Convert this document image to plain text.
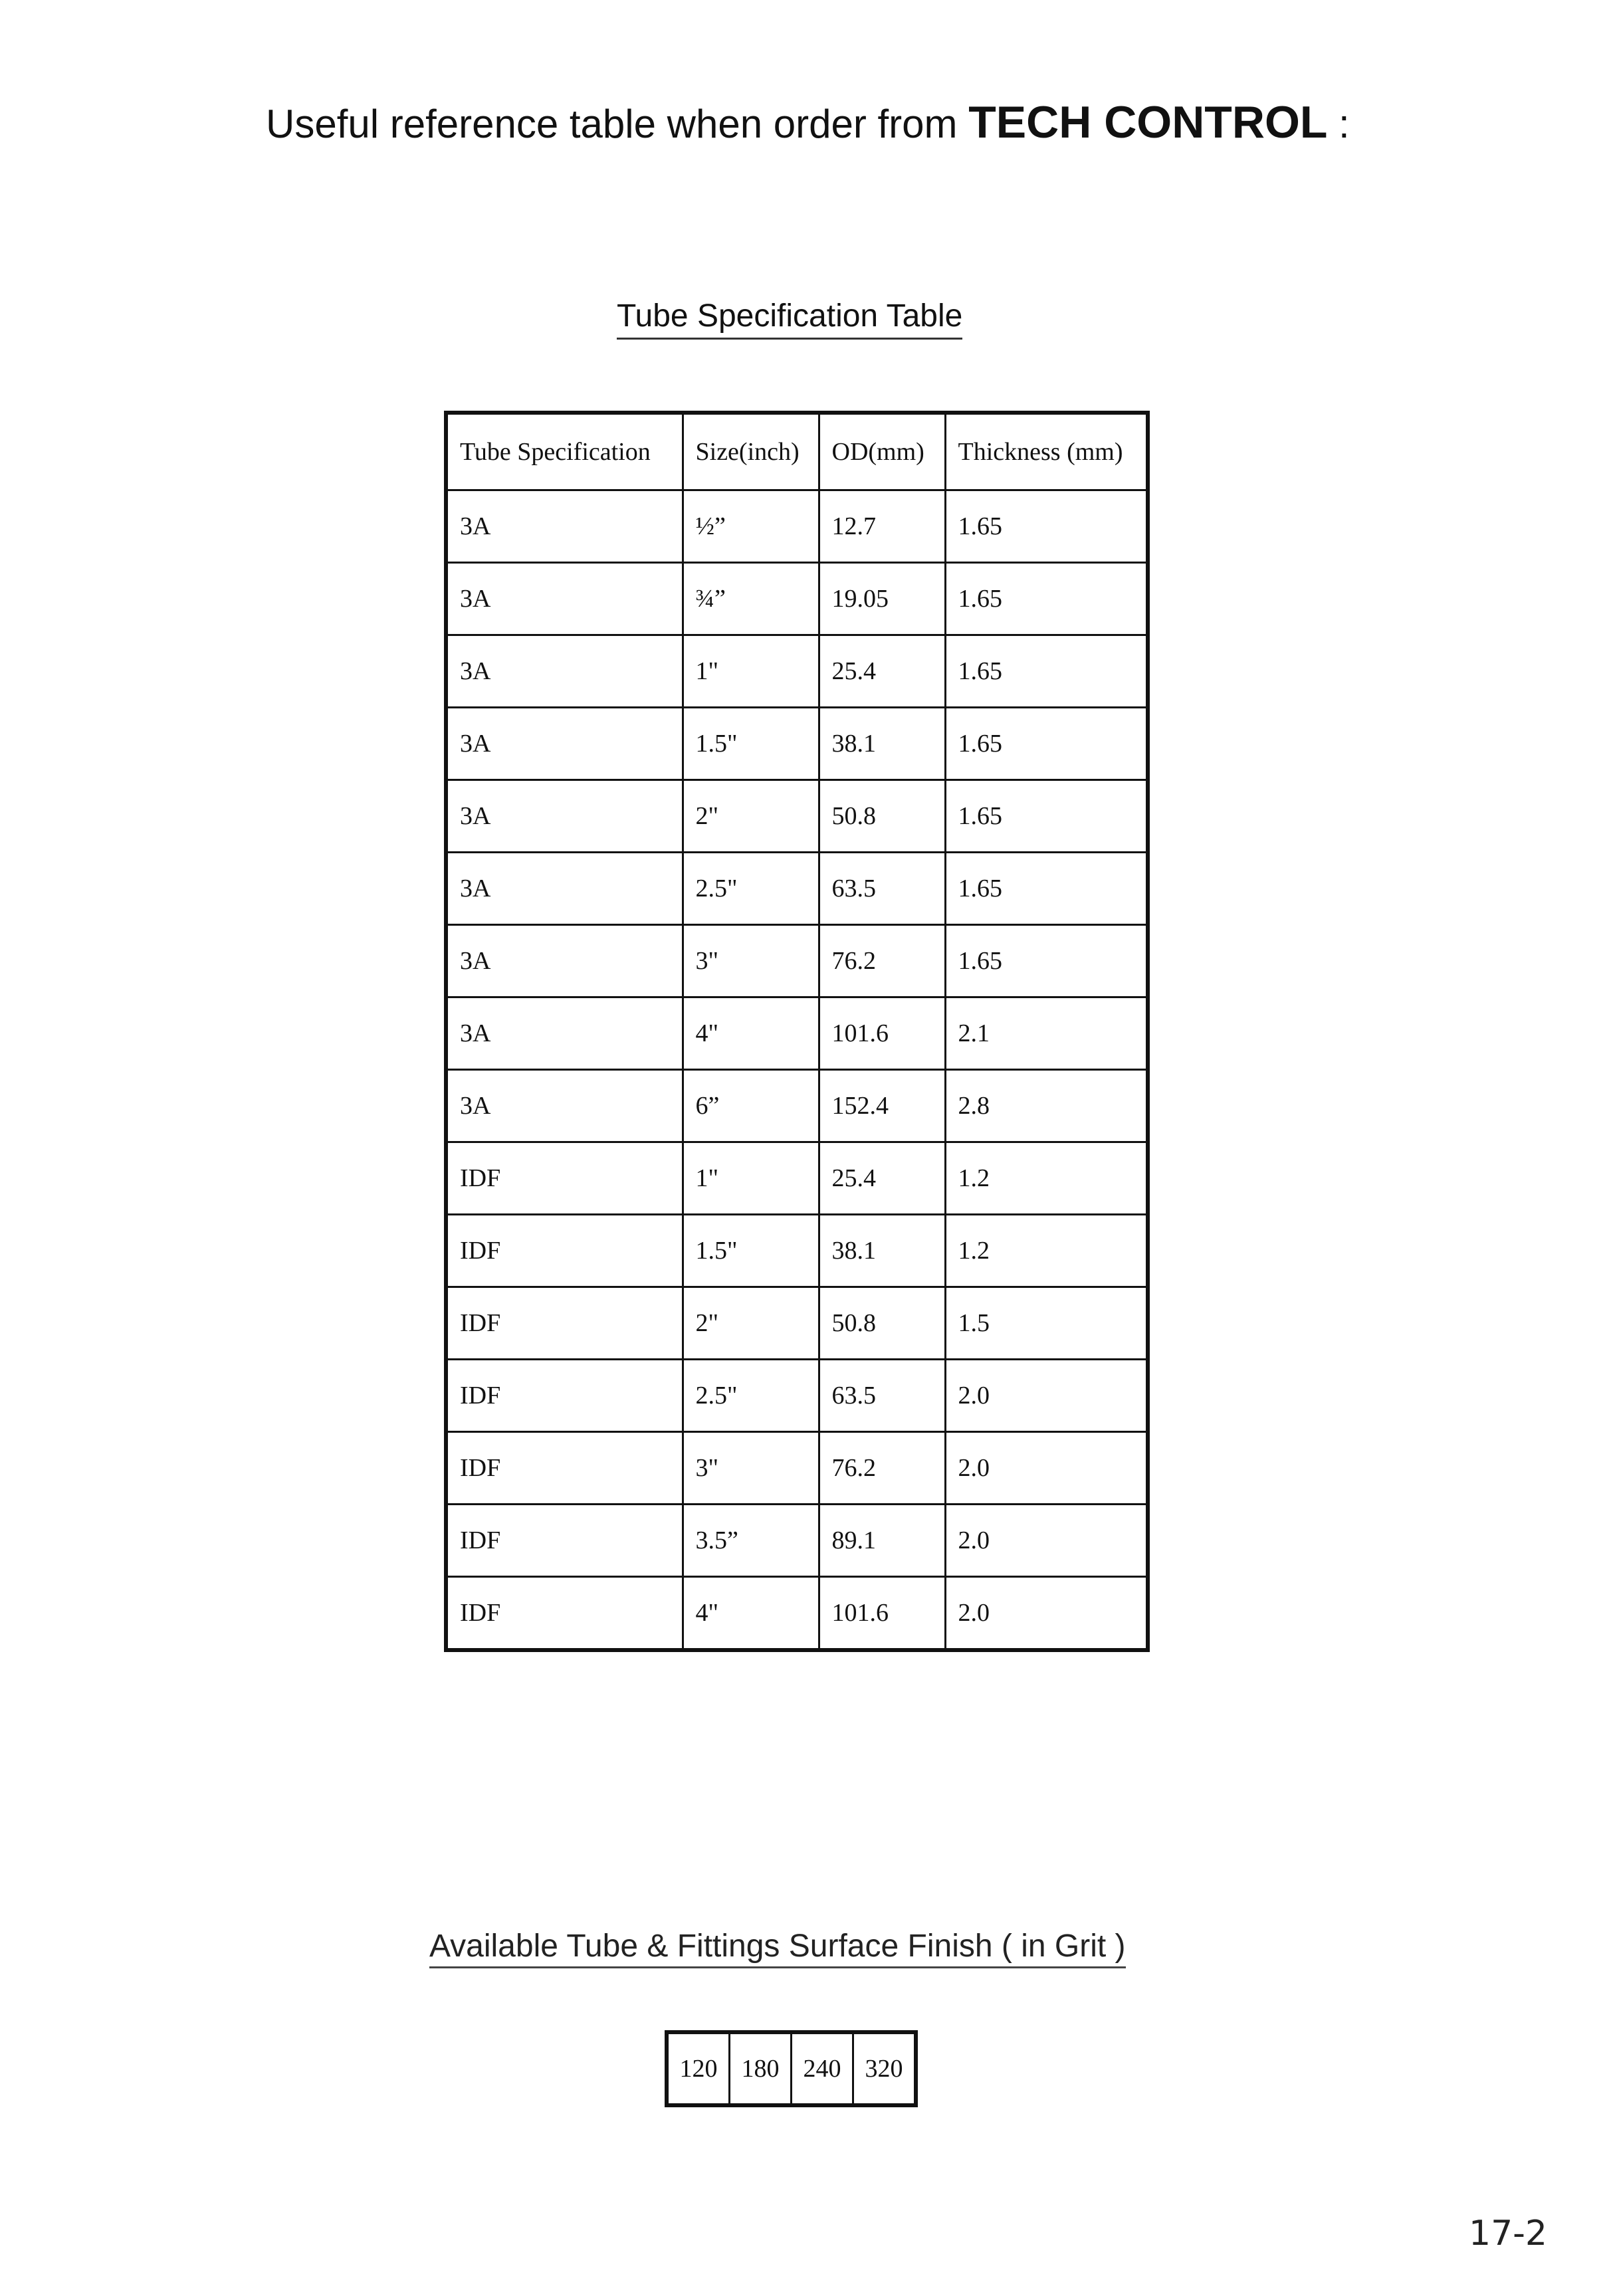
Useful reference table when order from TECH CONTROL :
Tube Specification Table
Tube Specification	Size(inch)	OD(mm)	Thickness (mm)
3A	½”	12.7	1.65
3A	¾”	19.05	1.65
3A	1"	25.4	1.65
3A	1.5"	38.1	1.65
3A	2"	50.8	1.65
3A	2.5"	63.5	1.65
3A	3"	76.2	1.65
3A	4"	101.6	2.1
3A	6”	152.4	2.8
IDF	1"	25.4	1.2
IDF	1.5"	38.1	1.2
IDF	2"	50.8	1.5
IDF	2.5"	63.5	2.0
IDF	3"	76.2	2.0
IDF	3.5”	89.1	2.0
IDF	4"	101.6	2.0
Available Tube & Fittings Surface Finish ( in Grit )
120	180	240	320
17-2
